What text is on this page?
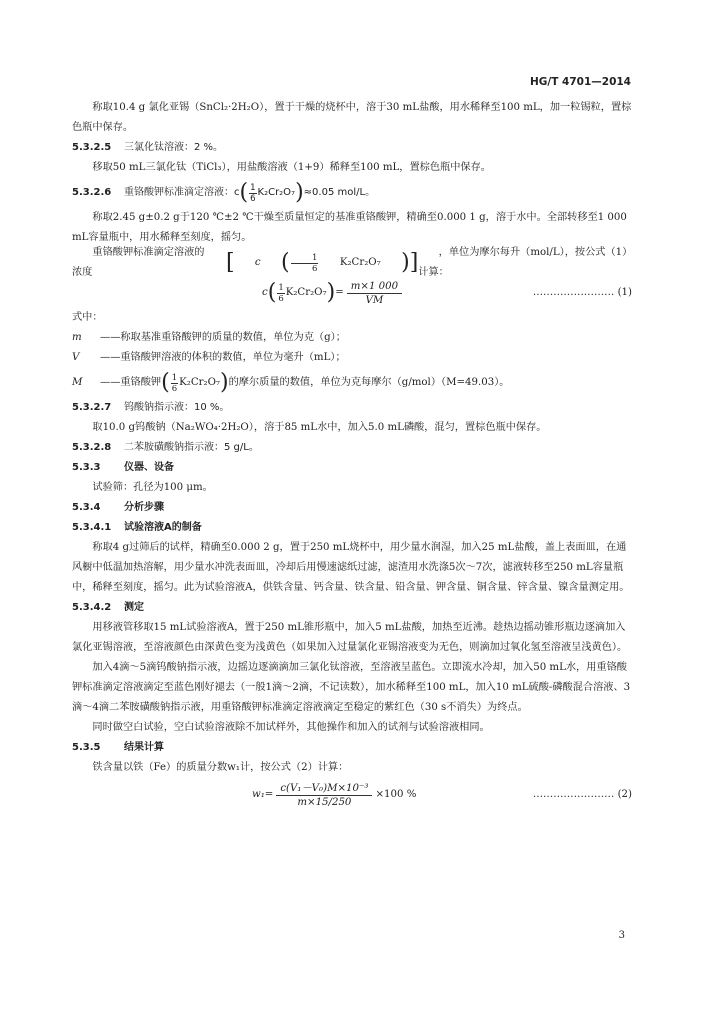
HG/T 4701—2014

称取10.4 g 氯化亚锡（SnCl₂·2H₂O），置于干燥的烧杯中，溶于30 mL盐酸，用水稀释至100 mL，加一粒锡粒，置棕色瓶中保存。

5.3.2.5 三氯化钛溶液：2 %。

移取50 mL三氯化钛（TiCl₃），用盐酸溶液（1+9）稀释至100 mL，置棕色瓶中保存。

5.3.2.6	重铬酸钾标准滴定溶液：c ( $\frac{1}{6} K_2Cr_2O_7$ ) ≈0.05 mol/L。

称取2.45 g±0.2 g于120 ℃±2 ℃干燥至质量恒定的基准重铬酸钾，精确至0.000 1 g，溶于水中。全部转移至1 000 mL容量瓶中，用水稀释至刻度，摇匀。

重铬酸钾标准滴定溶液的浓度	[	c ( $\frac{1}{6}$	K₂Cr₂O₇ )]	，单位为摩尔每升（mol/L），按公式（1）计算：

c ( $\frac{1}{6} K_2Cr_2O_7$ ) = $\frac{m\times 1 000}{VM}$	…………………… (1)

式中：

m ——称取基准重铬酸钾的质量的数值，单位为克（g）；

V ——重铬酸钾溶液的体积的数值，单位为毫升（mL）；

M	——重铬酸钾 ( $\frac{1}{6} K_2Cr_2O_7$ ) 的摩尔质量的数值，单位为克每摩尔（g/mol）（M=49.03）。

5.3.2.7 钨酸钠指示液：10 %。

取10.0 g钨酸钠（Na₂WO₄·2H₂O），溶于85 mL水中，加入5.0 mL磷酸，混匀，置棕色瓶中保存。

5.3.2.8 二苯胺磺酸钠指示液：5 g/L。

5.3.3 仪器、设备

试验筛：孔径为100 μm。

5.3.4 分析步骤

5.3.4.1 试验溶液A的制备

称取4 g过筛后的试样，精确至0.000 2 g，置于250 mL烧杯中，用少量水润湿，加入25 mL盐酸，盖上表面皿，在通风橱中低温加热溶解，用少量水冲洗表面皿，冷却后用慢速滤纸过滤，滤渣用水洗涤5次～7次，滤液转移至250 mL容量瓶中，稀释至刻度，摇匀。此为试验溶液A，供铁含量、钙含量、铁含量、铅含量、钾含量、铜含量、锌含量、镍含量测定用。

5.3.4.2 测定

用移液管移取15 mL试验溶液A，置于250 mL锥形瓶中，加入5 mL盐酸，加热至近沸。趁热边摇动锥形瓶边逐滴加入氯化亚锡溶液，至溶液颜色由深黄色变为浅黄色（如果加入过量氯化亚锡溶液变为无色，则滴加过氧化氢至溶液呈浅黄色）。

加入4滴～5滴钨酸钠指示液，边摇边逐滴滴加三氯化钛溶液，至溶液呈蓝色。立即流水冷却，加入50 mL水，用重铬酸钾标准滴定溶液滴定至蓝色刚好褪去（一般1滴～2滴，不记读数），加水稀释至100 mL，加入10 mL硫酸-磷酸混合溶液、3滴～4滴二苯胺磺酸钠指示液，用重铬酸钾标准滴定溶液滴定至稳定的紫红色（30 s不消失）为终点。

同时做空白试验，空白试验溶液除不加试样外，其他操作和加入的试剂与试验溶液相同。

5.3.5 结果计算

铁含量以铁（Fe）的质量分数w₁计，按公式（2）计算：

$w_1= \frac{\text{c(V₁－V₀)M×10⁻³}}{m\times 15/250} \times 100$ %	…………………… (2)
3
